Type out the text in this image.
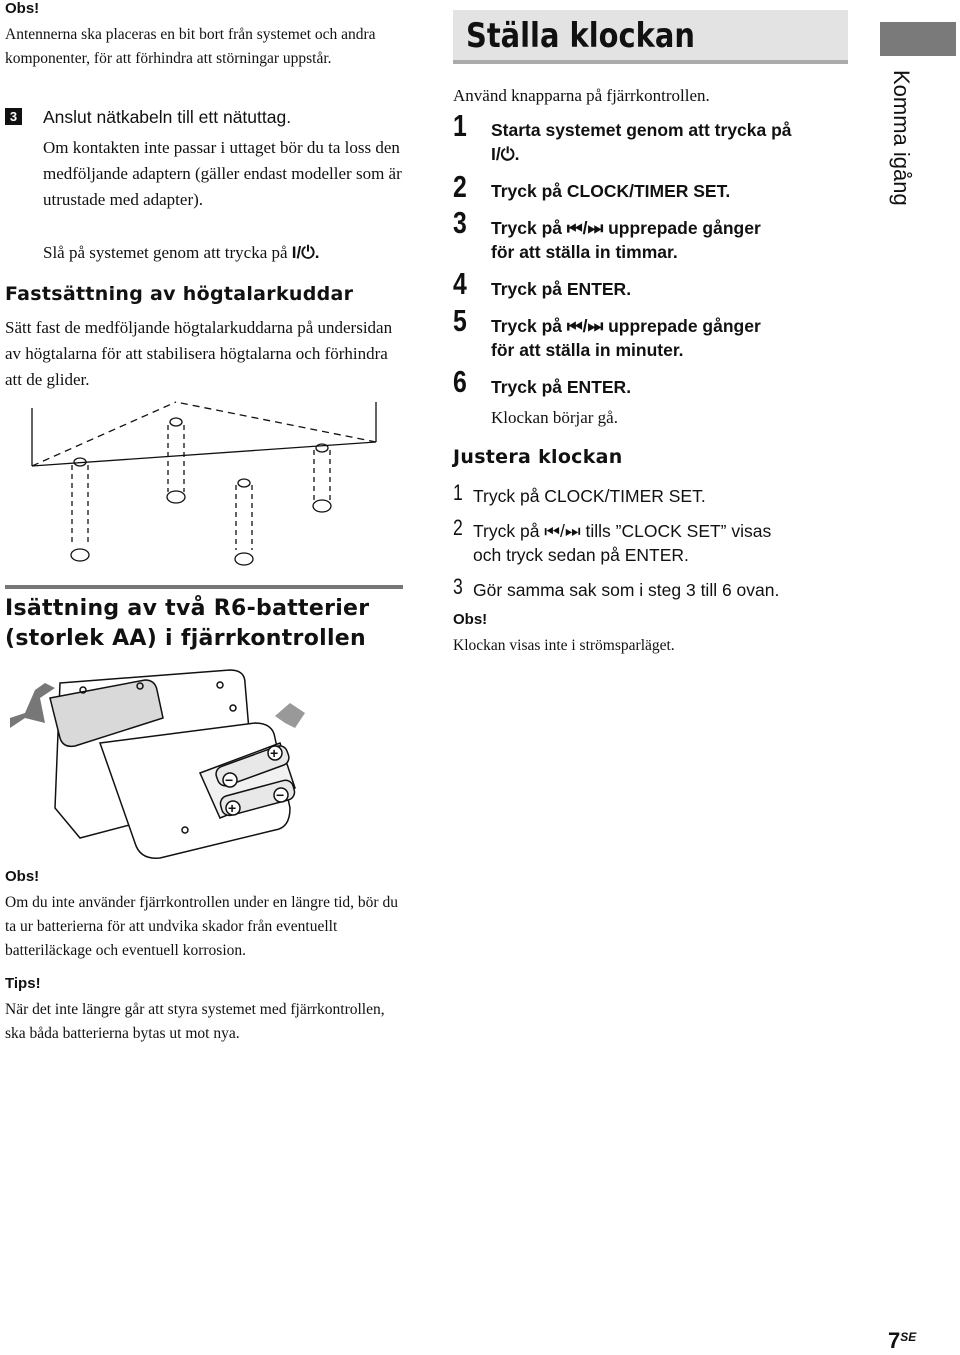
Obs!
Antennerna ska placeras en bit bort från systemet och andra komponenter, för att förhindra att störningar uppstår.
3 Anslut nätkabeln till ett nätuttag.
Om kontakten inte passar i uttaget bör du ta loss den medföljande adaptern (gäller endast modeller som är utrustade med adapter).
Slå på systemet genom att trycka på I/⏻.
Fastsättning av högtalarkuddar
Sätt fast de medföljande högtalarkuddarna på undersidan av högtalarna för att stabilisera högtalarna och förhindra att de glider.
Isättning av två R6-batterier
(storlek AA) i fjärrkontrollen
+
−
+
−
Obs!
Om du inte använder fjärrkontrollen under en längre tid, bör du ta ur batterierna för att undvika skador från eventuellt batteriläckage och eventuell korrosion.
Tips!
När det inte längre går att styra systemet med fjärrkontrollen, ska båda batterierna bytas ut mot nya.
Ställa klockan
Använd knapparna på fjärrkontrollen.
1	Starta systemet genom att trycka på
I/⏻.
2	Tryck på CLOCK/TIMER SET.
3	Tryck på ⏮/⏭ upprepade gånger
för att ställa in timmar.
4	Tryck på ENTER.
5	Tryck på ⏮/⏭ upprepade gånger
för att ställa in minuter.
6	Tryck på ENTER.
Klockan börjar gå.
Justera klockan
1 Tryck på CLOCK/TIMER SET.
2 Tryck på ⏮/⏭ tills ”CLOCK SET” visas
och tryck sedan på ENTER.
3 Gör samma sak som i steg 3 till 6 ovan.
Obs!
Klockan visas inte i strömsparläget.
Komma igång
$7^{SE}$
